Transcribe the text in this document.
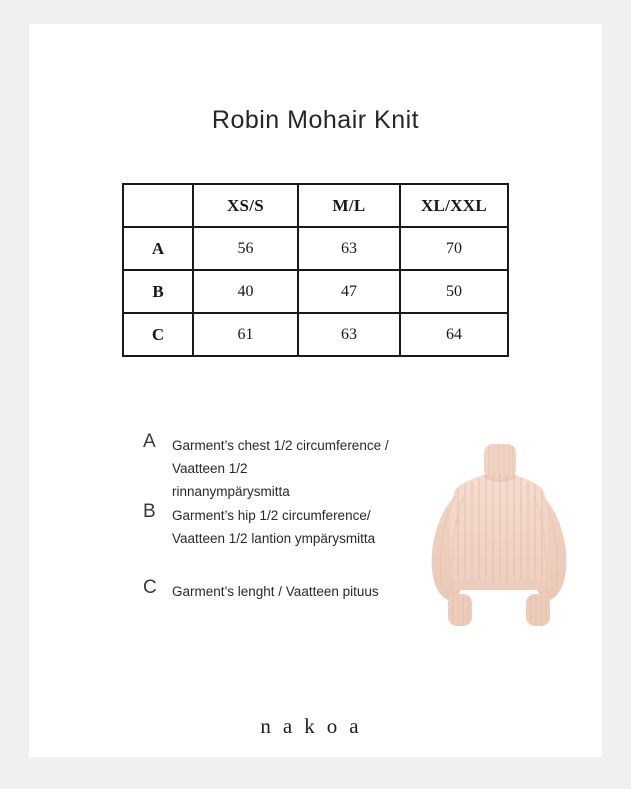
Robin Mohair Knit
	XS/S	M/L	XL/XXL
A	56	63	70
B	40	47	50
C	61	63	64
A Garment’s chest 1/2 circumference / Vaatteen 1/2
rinnanympärysmitta
B Garment’s hip 1/2 circumference/
Vaatteen 1/2 lantion ympärysmitta
C Garment’s lenght / Vaatteen pituus
nakoa
